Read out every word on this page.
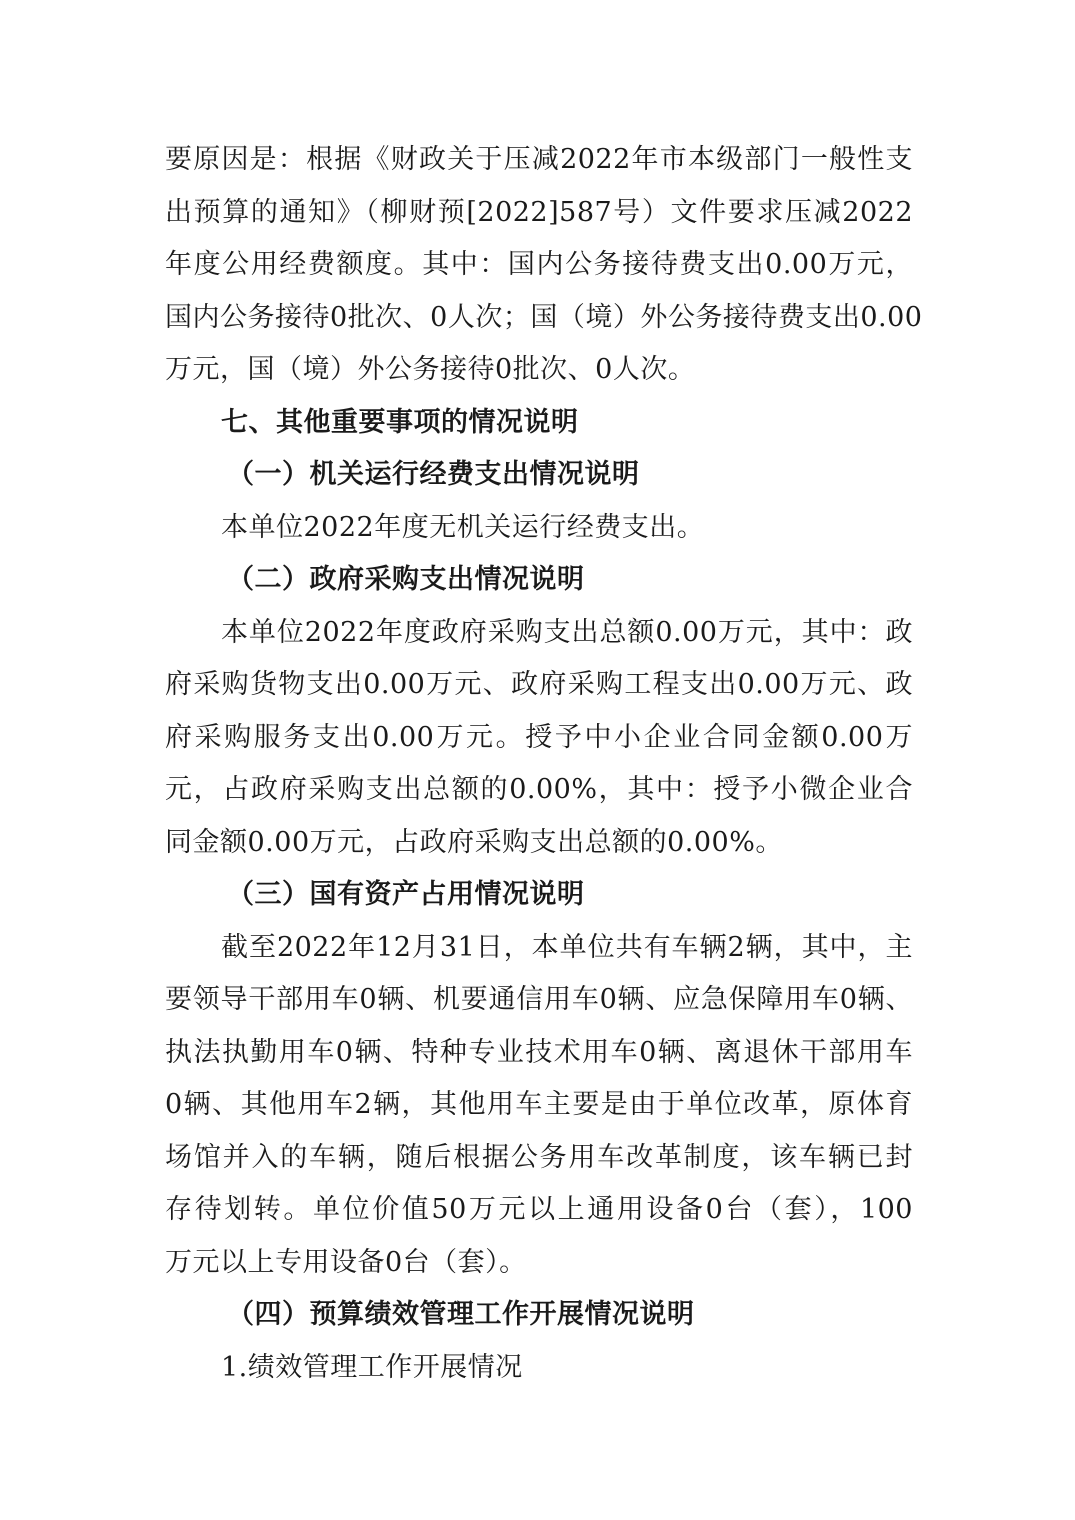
要原因是：根据《财政关于压减2022年市本级部门一般性支
出预算的通知》（柳财预[2022]587号）文件要求压减2022
年度公用经费额度。其中：国内公务接待费支出0.00万元，
国内公务接待0批次、0人次；国（境）外公务接待费支出0.00
万元，国（境）外公务接待0批次、0人次。
七、其他重要事项的情况说明
（一）机关运行经费支出情况说明
本单位2022年度无机关运行经费支出。
（二）政府采购支出情况说明
本单位2022年度政府采购支出总额0.00万元，其中：政
府采购货物支出0.00万元、政府采购工程支出0.00万元、政
府采购服务支出0.00万元。授予中小企业合同金额0.00万
元，占政府采购支出总额的0.00%，其中：授予小微企业合
同金额0.00万元，占政府采购支出总额的0.00%。
（三）国有资产占用情况说明
截至2022年12月31日，本单位共有车辆2辆，其中，主
要领导干部用车0辆、机要通信用车0辆、应急保障用车0辆、
执法执勤用车0辆、特种专业技术用车0辆、离退休干部用车
0辆、其他用车2辆，其他用车主要是由于单位改革，原体育
场馆并入的车辆，随后根据公务用车改革制度，该车辆已封
存待划转。单位价值50万元以上通用设备0台（套），100
万元以上专用设备0台（套）。
（四）预算绩效管理工作开展情况说明
1.绩效管理工作开展情况
